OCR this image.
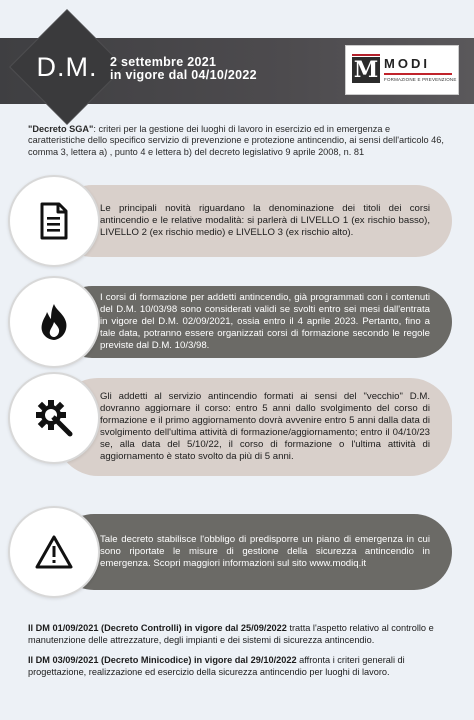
D.M.	2 settembre 2021
in vigore dal 04/10/2022	M MODI
FORMAZIONE E PREVENZIONE
"Decreto SGA": criteri per la gestione dei luoghi di lavoro in esercizio ed in emergenza e caratteristiche dello specifico servizio di prevenzione e protezione antincendio, ai sensi dell'articolo 46, comma 3, lettera a) , punto 4 e lettera b) del decreto legislativo 9 aprile 2008, n. 81
Le principali novità riguardano la denominazione dei titoli dei corsi antincendio e le relative modalità: si parlerà di LIVELLO 1 (ex rischio basso), LIVELLO 2 (ex rischio medio) e LIVELLO 3 (ex rischio alto).
I corsi di formazione per addetti antincendio, già programmati con i contenuti del D.M. 10/03/98 sono considerati validi se svolti entro sei mesi dall'entrata in vigore del D.M. 02/09/2021, ossia entro il 4 aprile 2023. Pertanto, fino a tale data, potranno essere organizzati corsi di formazione secondo le regole previste dal D.M. 10/3/98.
Gli addetti al servizio antincendio formati ai sensi del "vecchio" D.M. dovranno aggiornare il corso: entro 5 anni dallo svolgimento del corso di formazione e il primo aggiornamento dovrà avvenire entro 5 anni dalla data di svolgimento dell'ultima attività di formazione/aggiornamento; entro il 04/10/23 se, alla data del 5/10/22, il corso di formazione o l'ultima attività di aggiornamento è stato svolto da più di 5 anni.
Tale decreto stabilisce l'obbligo di predisporre un piano di emergenza in cui sono riportate le misure di gestione della sicurezza antincendio in emergenza. Scopri maggiori informazioni sul sito www.modiq.it
Il DM 01/09/2021 (Decreto Controlli) in vigore dal 25/09/2022 tratta l'aspetto relativo al controllo e manutenzione delle attrezzature, degli impianti e dei sistemi di sicurezza antincendio.
Il DM 03/09/2021 (Decreto Minicodice) in vigore dal 29/10/2022 affronta i criteri generali di progettazione, realizzazione ed esercizio della sicurezza antincendio per luoghi di lavoro.
